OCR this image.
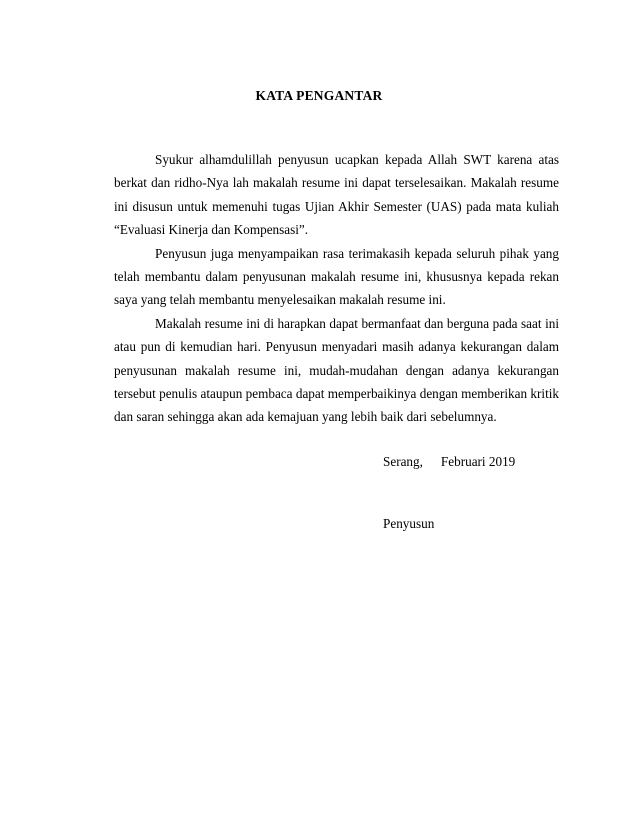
KATA PENGANTAR

Syukur alhamdulillah penyusun ucapkan kepada Allah SWT karena atas berkat dan ridho-Nya lah makalah resume ini dapat terselesaikan. Makalah resume ini disusun untuk memenuhi tugas Ujian Akhir Semester (UAS) pada mata kuliah “Evaluasi Kinerja dan Kompensasi”.

Penyusun juga menyampaikan rasa terimakasih kepada seluruh pihak yang telah membantu dalam penyusunan makalah resume ini, khususnya kepada rekan saya yang telah membantu menyelesaikan makalah resume ini.

Makalah resume ini di harapkan dapat bermanfaat dan berguna pada saat ini atau pun di kemudian hari. Penyusun menyadari masih adanya kekurangan dalam penyusunan makalah resume ini, mudah-mudahan dengan adanya kekurangan tersebut penulis ataupun pembaca dapat memperbaikinya dengan memberikan kritik dan saran sehingga akan ada kemajuan yang lebih baik dari sebelumnya.

Serang, Februari 2019
Penyusun
